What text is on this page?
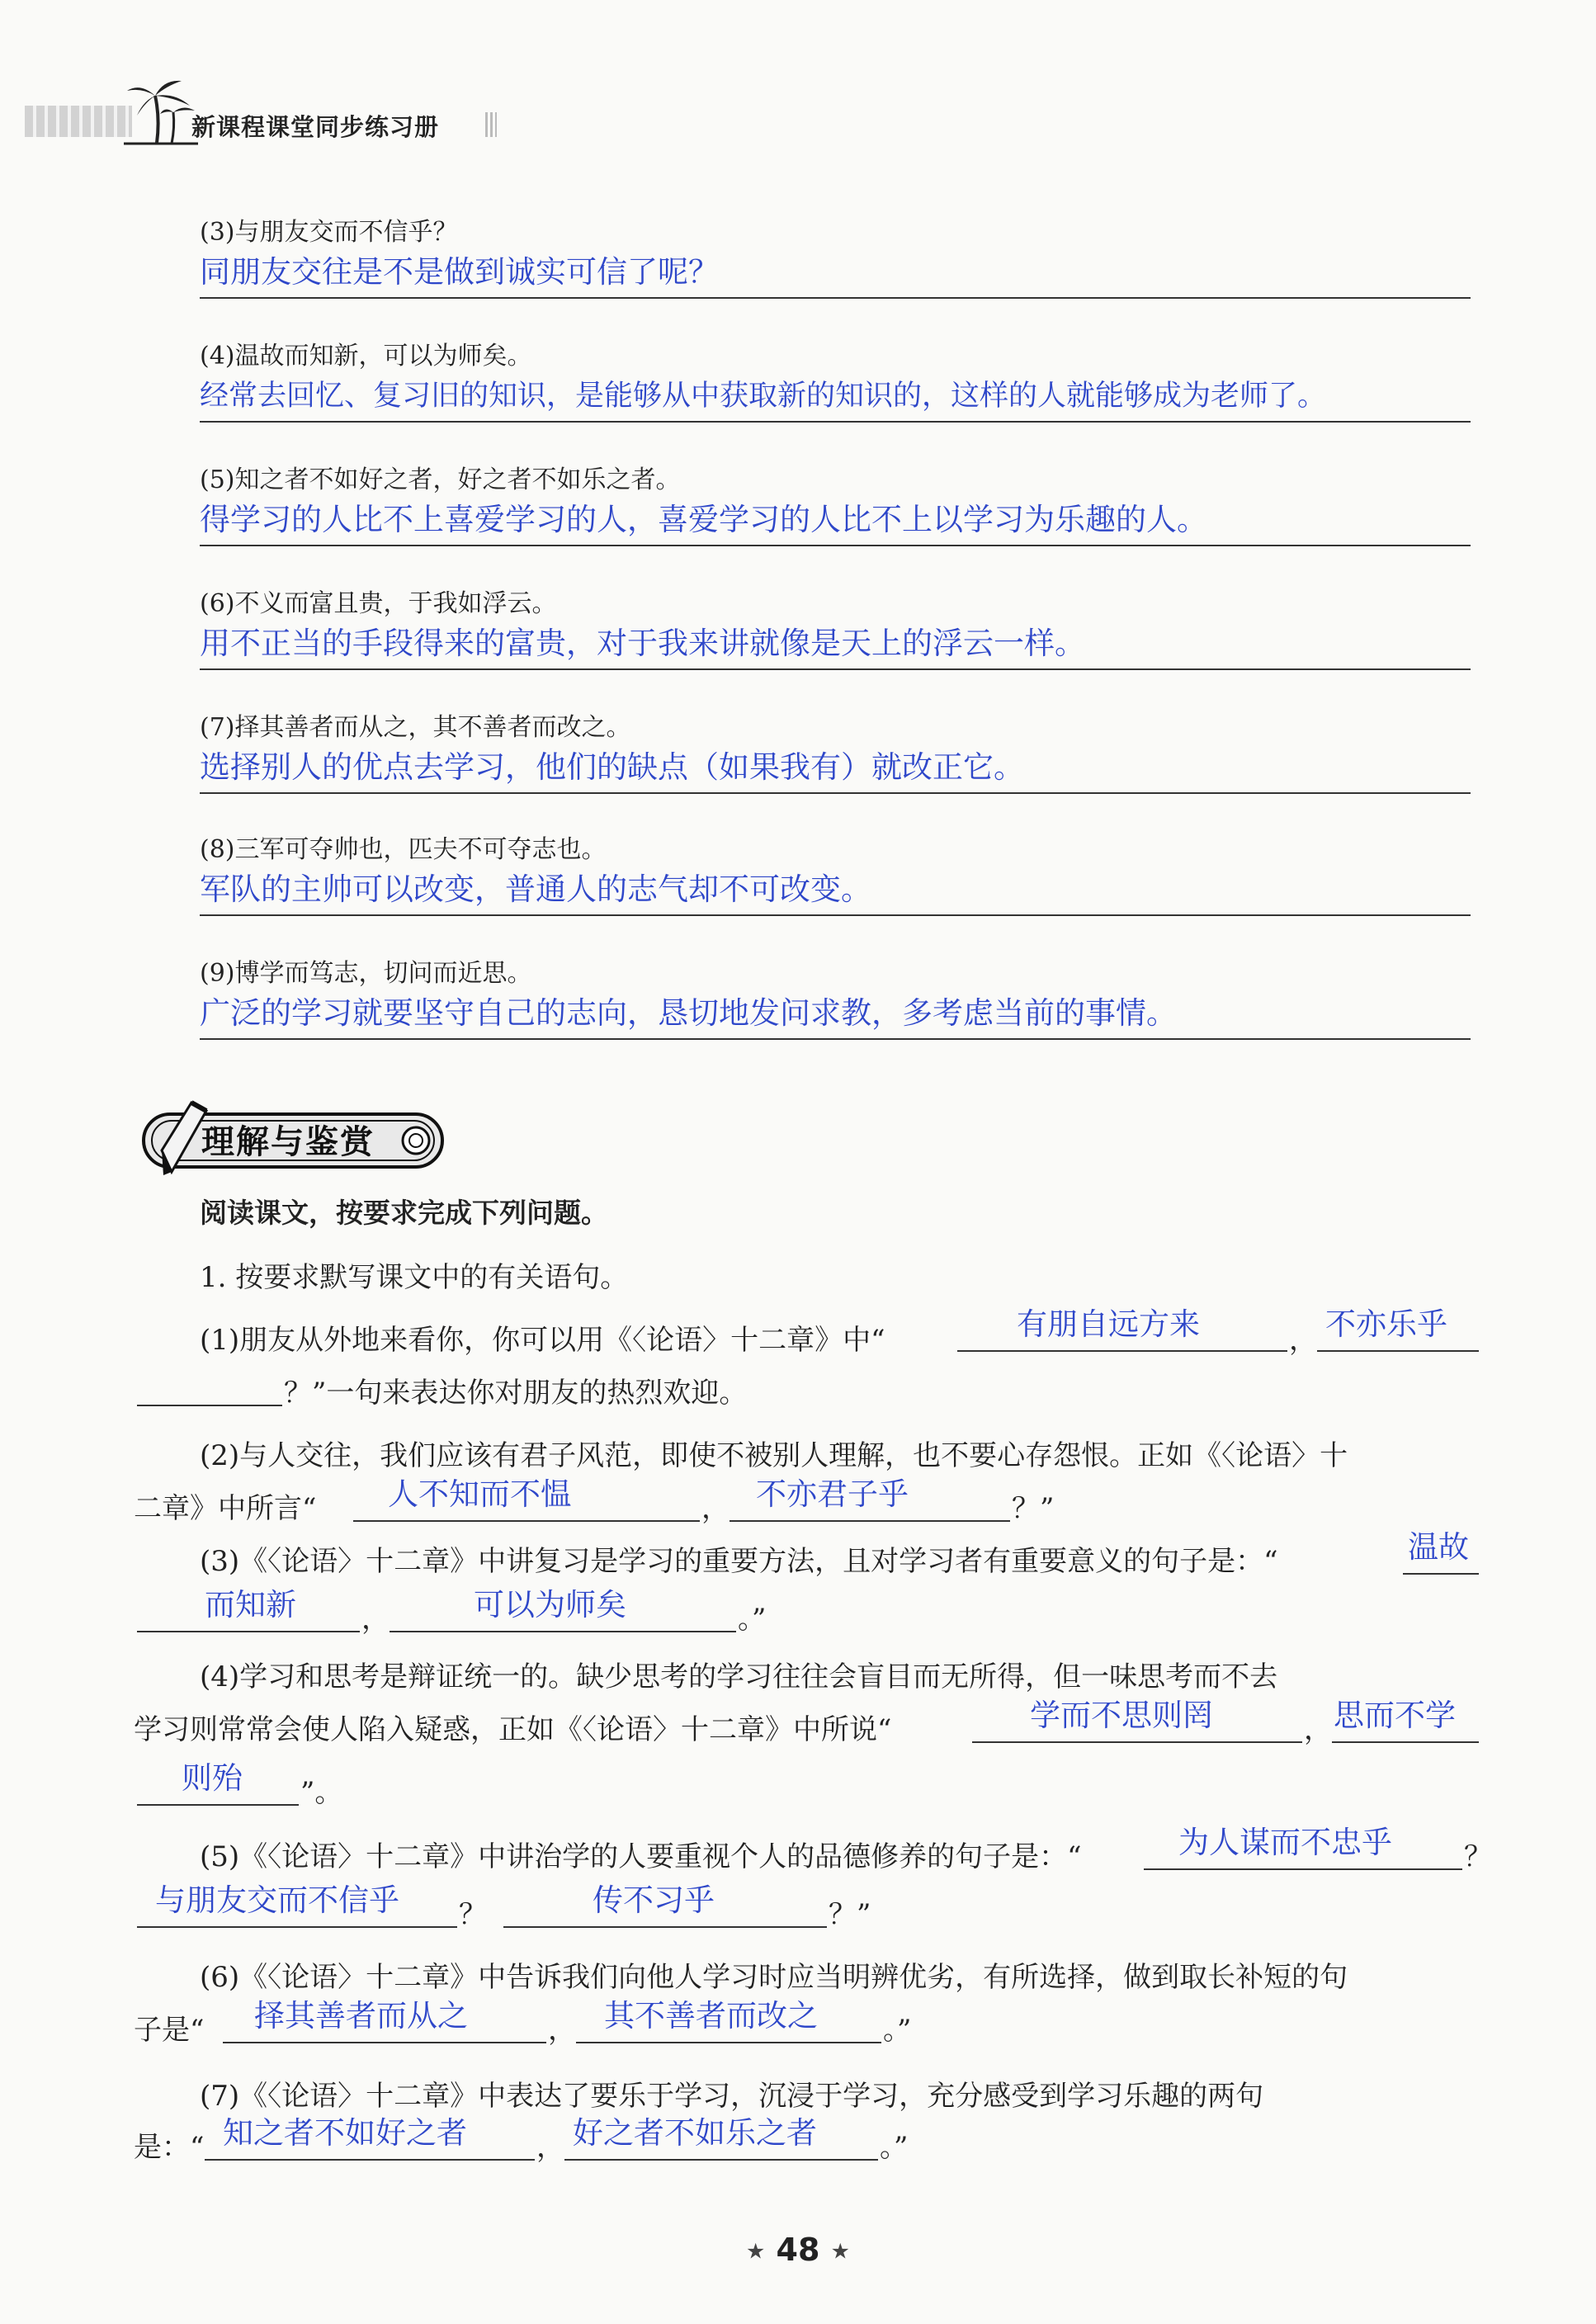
新课程课堂同步练习册
(3)与朋友交而不信乎？
同朋友交往是不是做到诚实可信了呢？
(4)温故而知新，可以为师矣。
经常去回忆、复习旧的知识，是能够从中获取新的知识的，这样的人就能够成为老师了。
(5)知之者不如好之者，好之者不如乐之者。
得学习的人比不上喜爱学习的人，喜爱学习的人比不上以学习为乐趣的人。
(6)不义而富且贵，于我如浮云。
用不正当的手段得来的富贵，对于我来讲就像是天上的浮云一样。
(7)择其善者而从之，其不善者而改之。
选择别人的优点去学习，他们的缺点（如果我有）就改正它。
(8)三军可夺帅也，匹夫不可夺志也。
军队的主帅可以改变，普通人的志气却不可改变。
(9)博学而笃志，切问而近思。
广泛的学习就要坚守自己的志向，恳切地发问求教，多考虑当前的事情。
理解与鉴赏
阅读课文，按要求完成下列问题。
1. 按要求默写课文中的有关语句。
(1)朋友从外地来看你，你可以用《〈论语〉十二章》中“	有朋自远方来	， 不亦乐乎
？”一句来表达你对朋友的热烈欢迎。
(2)与人交往，我们应该有君子风范，即使不被别人理解，也不要心存怨恨。正如《〈论语〉十
二章》中所言“ 人不知而不愠	， 不亦君子乎	？”
(3)《〈论语〉十二章》中讲复习是学习的重要方法，且对学习者有重要意义的句子是：“	温故
而知新 ，	可以为师矣	。”
(4)学习和思考是辩证统一的。缺少思考的学习往往会盲目而无所得，但一味思考而不去
学习则常常会使人陷入疑惑，正如《〈论语〉十二章》中所说“	学而不思则罔	， 思而不学
则殆 ”。
(5)《〈论语〉十二章》中讲治学的人要重视个人的品德修养的句子是：“	为人谋而不忠乎	？
与朋友交而不信乎 ？	传不习乎	？”
(6)《〈论语〉十二章》中告诉我们向他人学习时应当明辨优劣，有所选择，做到取长补短的句
子是“ 择其善者而从之	， 其不善者而改之 。”
(7)《〈论语〉十二章》中表达了要乐于学习，沉浸于学习，充分感受到学习乐趣的两句
是：“ 知之者不如好之者 ， 好之者不如乐之者 。”
★ 48 ★
